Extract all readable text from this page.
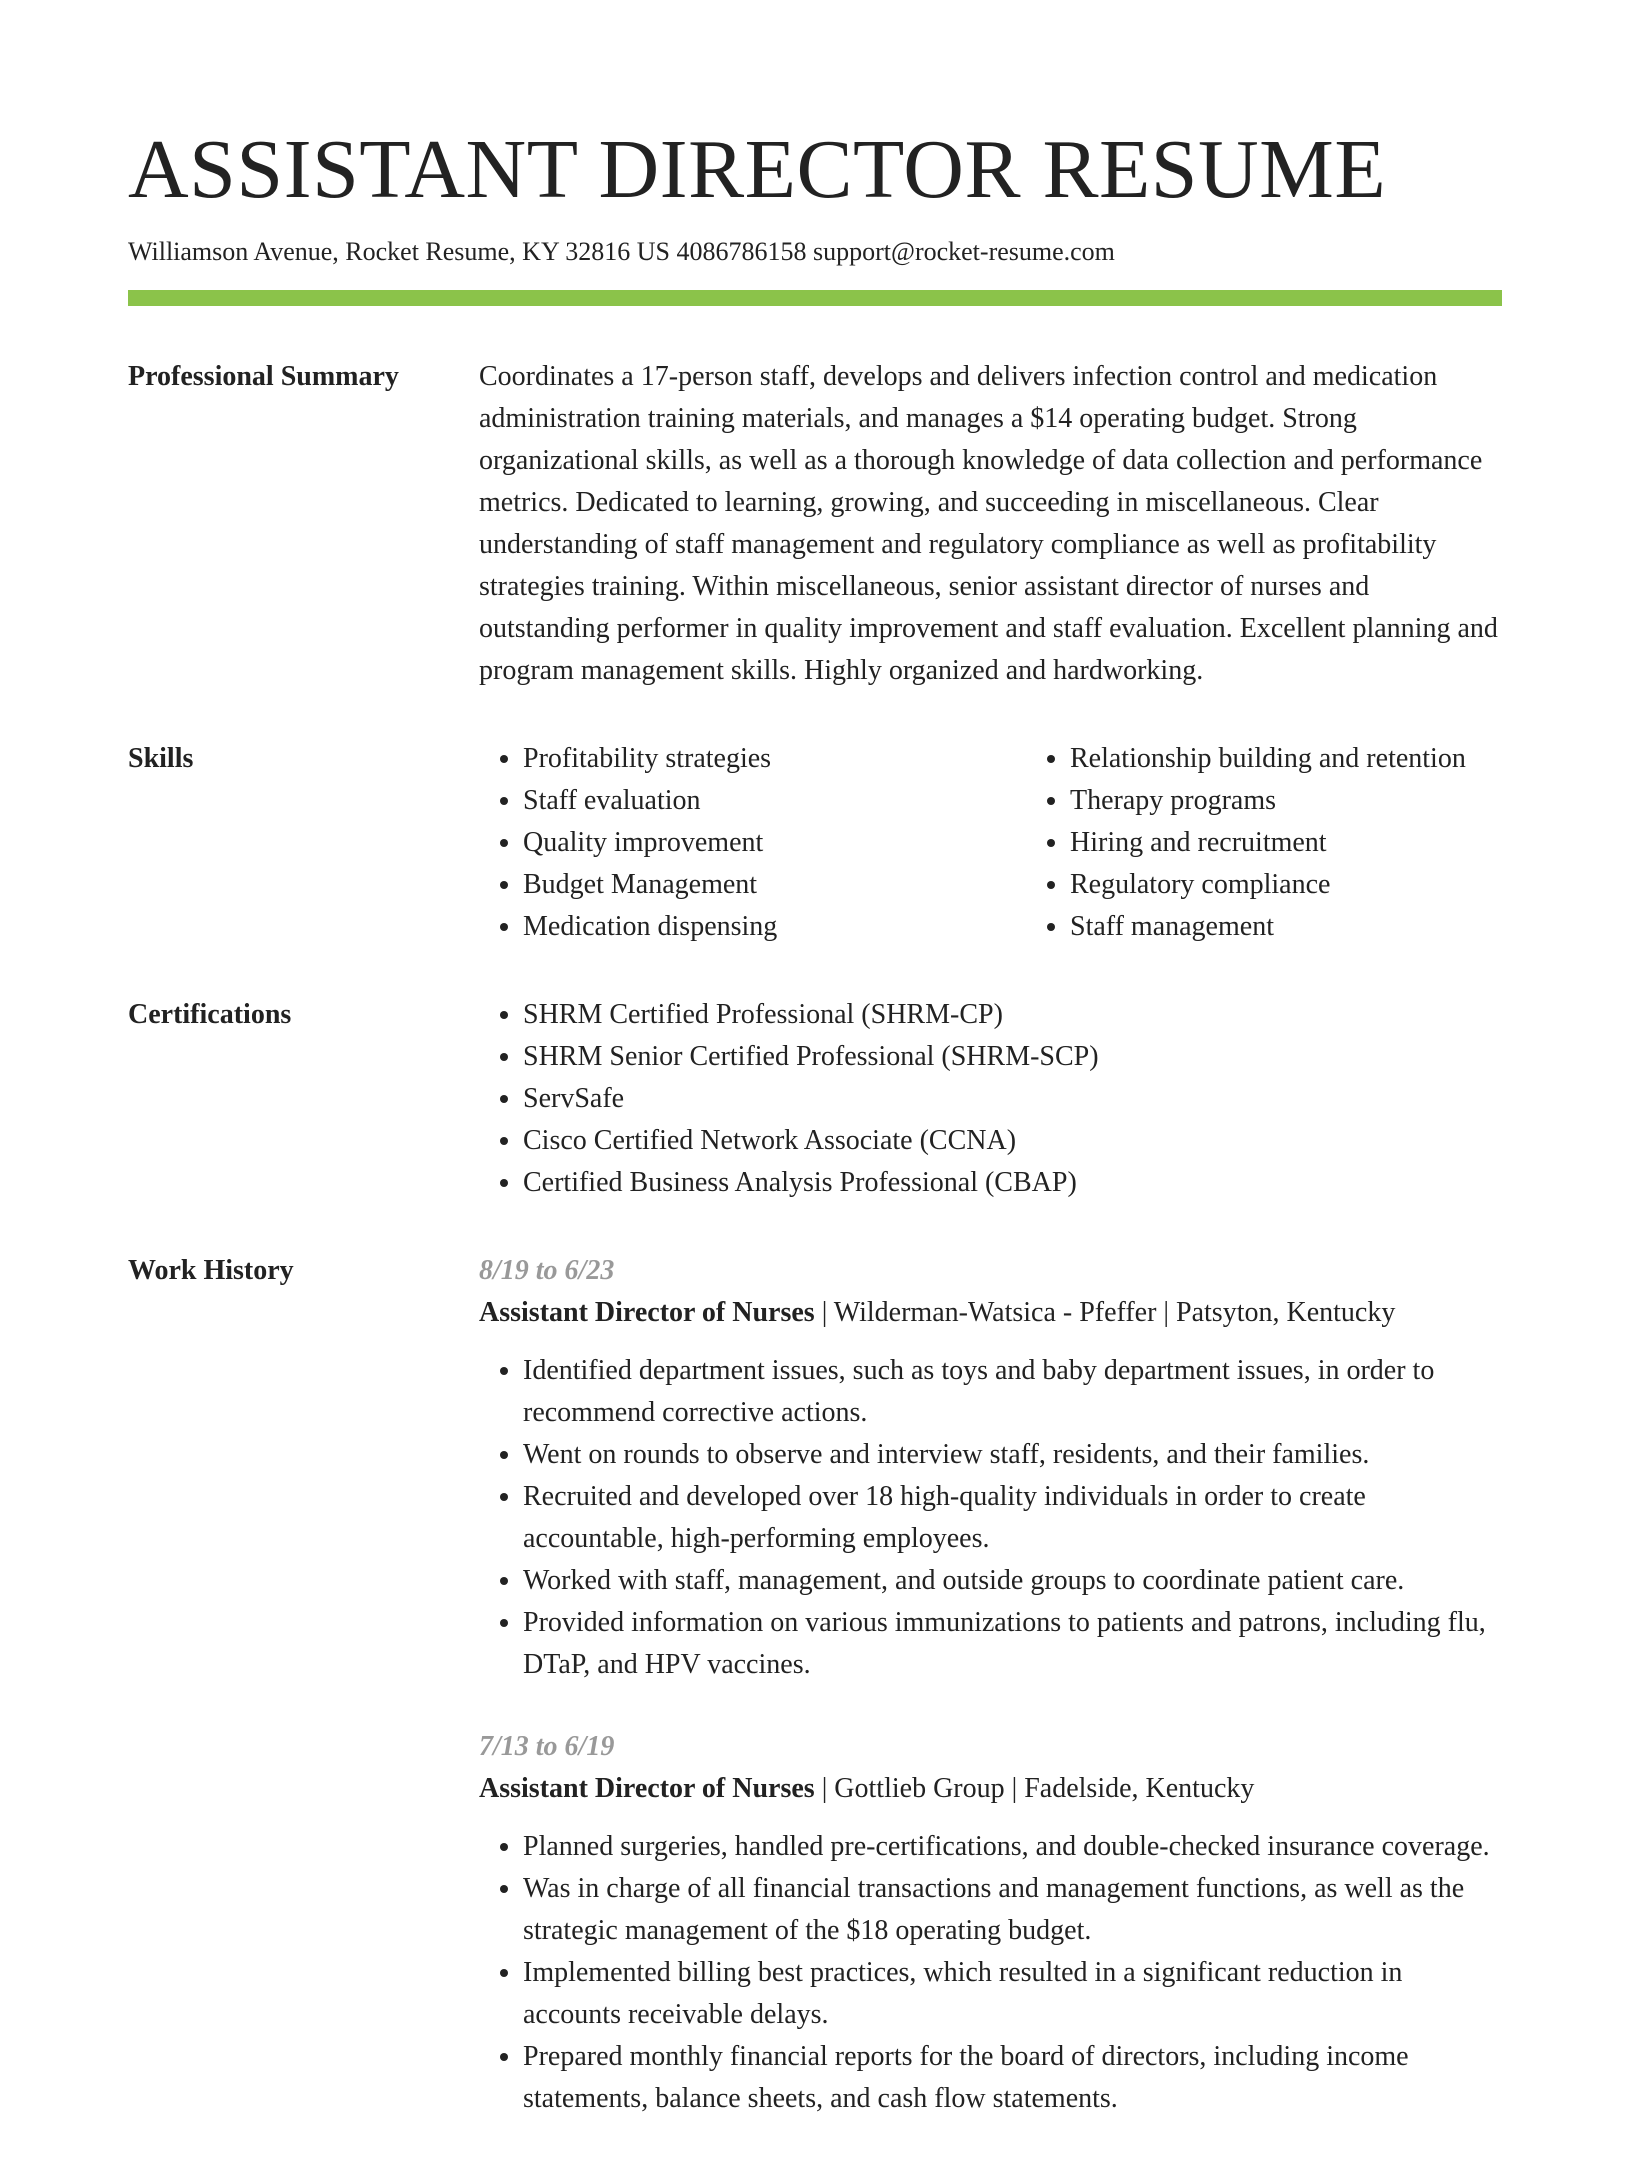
ASSISTANT DIRECTOR RESUME
Williamson Avenue, Rocket Resume, KY 32816 US 4086786158 support@rocket-resume.com
Professional Summary	Coordinates a 17-person staff, develops and delivers infection control and medication administration training materials, and manages a $14 operating budget. Strong organizational skills, as well as a thorough knowledge of data collection and performance metrics. Dedicated to learning, growing, and succeeding in miscellaneous. Clear understanding of staff management and regulatory compliance as well as profitability strategies training. Within miscellaneous, senior assistant director of nurses and outstanding performer in quality improvement and staff evaluation. Excellent planning and program management skills. Highly organized and hardworking.

Skills	• Profitability strategies
• Staff evaluation
• Quality improvement
• Budget Management
• Medication dispensing
• Relationship building and retention
• Therapy programs
• Hiring and recruitment
• Regulatory compliance
• Staff management
Certifications	• SHRM Certified Professional (SHRM-CP)
• SHRM Senior Certified Professional (SHRM-SCP)
• ServSafe
• Cisco Certified Network Associate (CCNA)
• Certified Business Analysis Professional (CBAP)
Work History	8/19 to 6/23
Assistant Director of Nurses | Wilderman-Watsica - Pfeffer | Patsyton, Kentucky
• Identified department issues, such as toys and baby department issues, in order to recommend corrective actions.
• Went on rounds to observe and interview staff, residents, and their families.
• Recruited and developed over 18 high-quality individuals in order to create accountable, high-performing employees.
• Worked with staff, management, and outside groups to coordinate patient care.
• Provided information on various immunizations to patients and patrons, including flu, DTaP, and HPV vaccines.
7/13 to 6/19
Assistant Director of Nurses | Gottlieb Group | Fadelside, Kentucky
• Planned surgeries, handled pre-certifications, and double-checked insurance coverage.
• Was in charge of all financial transactions and management functions, as well as the strategic management of the $18 operating budget.
• Implemented billing best practices, which resulted in a significant reduction in accounts receivable delays.
• Prepared monthly financial reports for the board of directors, including income statements, balance sheets, and cash flow statements.
